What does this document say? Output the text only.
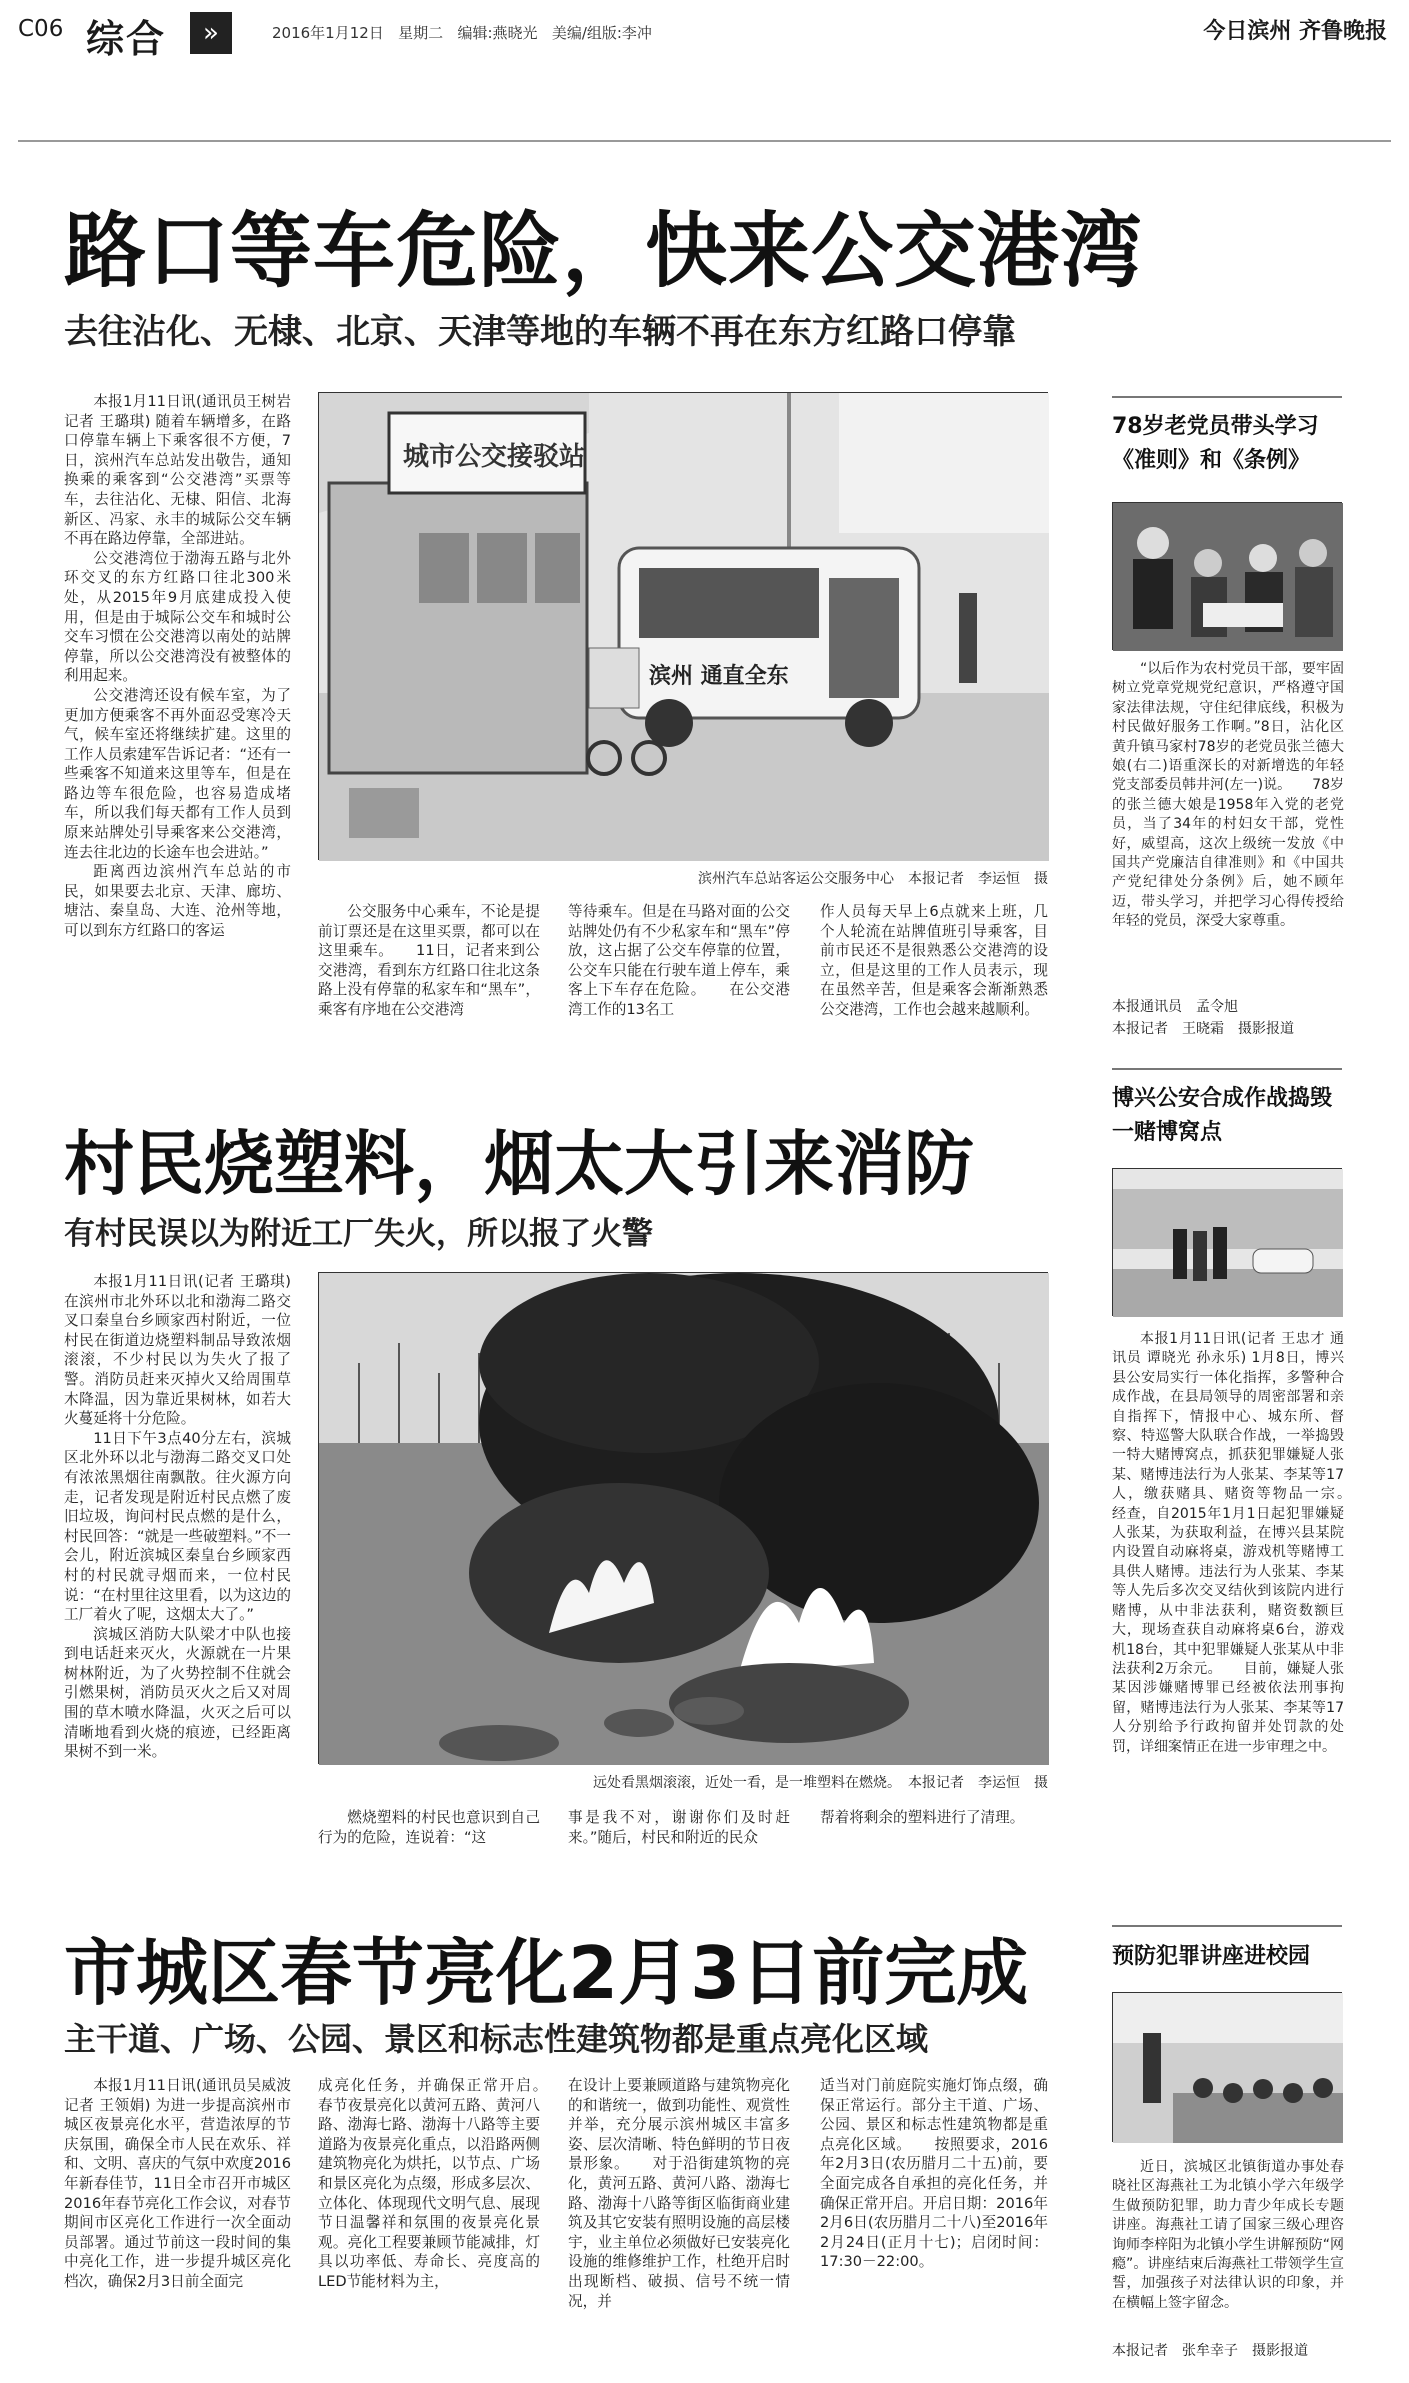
C06 综合	»	2016年1月12日 星期二 编辑:燕晓光 美编/组版:李冲	今日滨州 齐鲁晚报
路口等车危险，快来公交港湾
去往沾化、无棣、北京、天津等地的车辆不再在东方红路口停靠

本报1月11日讯(通讯员王树岩 记者 王璐琪) 随着车辆增多，在路口停靠车辆上下乘客很不方便，7日，滨州汽车总站发出敬告，通知换乘的乘客到“公交港湾”买票等车，去往沾化、无棣、阳信、北海新区、冯家、永丰的城际公交车辆不再在路边停靠，全部进站。

公交港湾位于渤海五路与北外环交叉的东方红路口往北300米处，从2015年9月底建成投入使用，但是由于城际公交车和城时公交车习惯在公交港湾以南处的站牌停靠，所以公交港湾没有被整体的利用起来。

公交港湾还设有候车室，为了更加方便乘客不再外面忍受寒冷天气，候车室还将继续扩建。这里的工作人员索建军告诉记者：“还有一些乘客不知道来这里等车，但是在路边等车很危险，也容易造成堵车，所以我们每天都有工作人员到原来站牌处引导乘客来公交港湾，连去往北边的长途车也会进站。”

距离西边滨州汽车总站的市民，如果要去北京、天津、廊坊、塘沽、秦皇岛、大连、沧州等地，可以到东方红路口的客运

城市公交接驳站
滨州 通直全东
滨州汽车总站客运公交服务中心　本报记者　李运恒　摄

公交服务中心乘车，不论是提前订票还是在这里买票，都可以在这里乘车。　　11日，记者来到公交港湾，看到东方红路口往北这条路上没有停靠的私家车和“黑车”，乘客有序地在公交港湾

等待乘车。但是在马路对面的公交站牌处仍有不少私家车和“黑车”停放，这占据了公交车停靠的位置，公交车只能在行驶车道上停车，乘客上下车存在危险。　　在公交港湾工作的13名工

作人员每天早上6点就来上班，几个人轮流在站牌值班引导乘客，目前市民还不是很熟悉公交港湾的设立，但是这里的工作人员表示，现在虽然辛苦，但是乘客会渐渐熟悉公交港湾，工作也会越来越顺利。

村民烧塑料，烟太大引来消防
有村民误以为附近工厂失火，所以报了火警

本报1月11日讯(记者 王璐琪) 在滨州市北外环以北和渤海二路交叉口秦皇台乡顾家西村附近，一位村民在街道边烧塑料制品导致浓烟滚滚，不少村民以为失火了报了警。消防员赶来灭掉火又给周围草木降温，因为靠近果树林，如若大火蔓延将十分危险。

11日下午3点40分左右，滨城区北外环以北与渤海二路交叉口处有浓浓黑烟往南飘散。往火源方向走，记者发现是附近村民点燃了废旧垃圾，询问村民点燃的是什么，村民回答：“就是一些破塑料。”不一会儿，附近滨城区秦皇台乡顾家西村的村民就寻烟而来，一位村民说：“在村里往这里看，以为这边的工厂着火了呢，这烟太大了。”

滨城区消防大队梁才中队也接到电话赶来灭火，火源就在一片果树林附近，为了火势控制不住就会引燃果树，消防员灭火之后又对周围的草木喷水降温，火灭之后可以清晰地看到火烧的痕迹，已经距离果树不到一米。

远处看黑烟滚滚，近处一看，是一堆塑料在燃烧。　本报记者　李运恒　摄

燃烧塑料的村民也意识到自己行为的危险，连说着：“这

事是我不对，谢谢你们及时赶来。”随后，村民和附近的民众

帮着将剩余的塑料进行了清理。

市城区春节亮化2月3日前完成
主干道、广场、公园、景区和标志性建筑物都是重点亮化区域

本报1月11日讯(通讯员吴威波 记者 王领娟) 为进一步提高滨州市城区夜景亮化水平，营造浓厚的节庆氛围，确保全市人民在欢乐、祥和、文明、喜庆的气氛中欢度2016年新春佳节，11日全市召开市城区2016年春节亮化工作会议，对春节期间市区亮化工作进行一次全面动员部署。通过节前这一段时间的集中亮化工作，进一步提升城区亮化档次，确保2月3日前全面完

成亮化任务，并确保正常开启。　　春节夜景亮化以黄河五路、黄河八路、渤海七路、渤海十八路等主要道路为夜景亮化重点，以沿路两侧建筑物亮化为烘托，以节点、广场和景区亮化为点缀，形成多层次、立体化、体现现代文明气息、展现节日温馨祥和氛围的夜景亮化景观。亮化工程要兼顾节能减排，灯具以功率低、寿命长、亮度高的LED节能材料为主，

在设计上要兼顾道路与建筑物亮化的和谐统一，做到功能性、观赏性并举，充分展示滨州城区丰富多姿、层次清晰、特色鲜明的节日夜景形象。　　对于沿街建筑物的亮化，黄河五路、黄河八路、渤海七路、渤海十八路等街区临街商业建筑及其它安装有照明设施的高层楼宇，业主单位必须做好已安装亮化设施的维修维护工作，杜绝开启时出现断档、破损、信号不统一情况，并

适当对门前庭院实施灯饰点缀，确保正常运行。部分主干道、广场、公园、景区和标志性建筑物都是重点亮化区域。　　按照要求，2016年2月3日(农历腊月二十五)前，要全面完成各自承担的亮化任务，并确保正常开启。开启日期：2016年2月6日(农历腊月二十八)至2016年2月24日(正月十七)；启闭时间：17:30－22:00。

78岁老党员带头学习《准则》和《条例》

“以后作为农村党员干部，要牢固树立党章党规党纪意识，严格遵守国家法律法规，守住纪律底线，积极为村民做好服务工作啊。”8日，沾化区黄升镇马家村78岁的老党员张兰德大娘(右二)语重深长的对新增选的年轻党支部委员韩井河(左一)说。　　78岁的张兰德大娘是1958年入党的老党员，当了34年的村妇女干部，党性好，威望高，这次上级统一发放《中国共产党廉洁自律准则》和《中国共产党纪律处分条例》后，她不顾年迈，带头学习，并把学习心得传授给年轻的党员，深受大家尊重。

本报通讯员　孟令旭
本报记者　王晓霜　摄影报道
博兴公安合成作战捣毁一赌博窝点

本报1月11日讯(记者 王忠才 通讯员 谭晓光 孙永乐) 1月8日，博兴县公安局实行一体化指挥，多警种合成作战，在县局领导的周密部署和亲自指挥下，情报中心、城东所、督察、特巡警大队联合作战，一举捣毁一特大赌博窝点，抓获犯罪嫌疑人张某、赌博违法行为人张某、李某等17人，缴获赌具、赌资等物品一宗。　　经查，自2015年1月1日起犯罪嫌疑人张某，为获取利益，在博兴县某院内设置自动麻将桌，游戏机等赌博工具供人赌博。违法行为人张某、李某等人先后多次交叉结伙到该院内进行赌博，从中非法获利，赌资数额巨大，现场查获自动麻将桌6台，游戏机18台，其中犯罪嫌疑人张某从中非法获利2万余元。　　目前，嫌疑人张某因涉嫌赌博罪已经被依法刑事拘留，赌博违法行为人张某、李某等17人分别给予行政拘留并处罚款的处罚，详细案情正在进一步审理之中。

预防犯罪讲座进校园

近日，滨城区北镇街道办事处春晓社区海燕社工为北镇小学六年级学生做预防犯罪，助力青少年成长专题讲座。海燕社工请了国家三级心理咨询师李梓阳为北镇小学生讲解预防“网瘾”。讲座结束后海燕社工带领学生宣誓，加强孩子对法律认识的印象，并在横幅上签字留念。

本报记者　张牟幸子　摄影报道
